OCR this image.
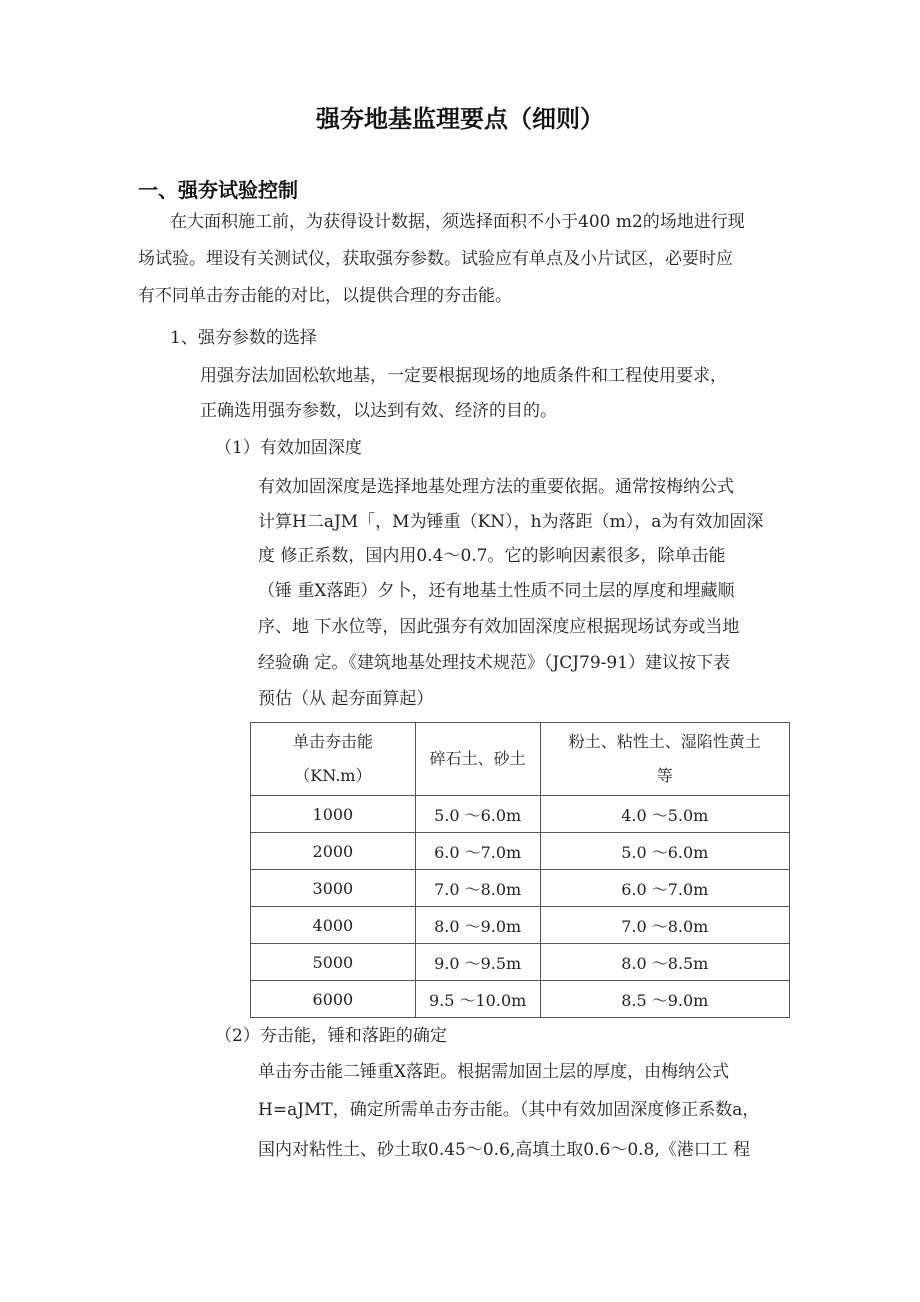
强夯地基监理要点（细则）
一、强夯试验控制
在大面积施工前，为获得设计数据，须选择面积不小于400 m2的场地进行现
场试验。埋设有关测试仪，获取强夯参数。试验应有单点及小片试区，必要时应
有不同单击夯击能的对比，以提供合理的夯击能。
1、强夯参数的选择
用强夯法加固松软地基，一定要根据现场的地质条件和工程使用要求，
正确选用强夯参数，以达到有效、经济的目的。
（1）有效加固深度
有效加固深度是选择地基处理方法的重要依据。通常按梅纳公式
计算H二aJM「，M为锤重（KN），h为落距（m），a为有效加固深
度 修正系数，国内用0.4～0.7。它的影响因素很多，除单击能
（锤 重X落距）夕卜，还有地基土性质不同土层的厚度和埋藏顺
序、地 下水位等，因此强夯有效加固深度应根据现场试夯或当地
经验确 定。《建筑地基处理技术规范》（JCJ79-91）建议按下表
预估（从 起夯面算起）
单击夯击能
（KN.m）	碎石土、砂土	粉土、粘性土、湿陷性黄土
等
1000	5.0 ～6.0m	4.0 ～5.0m
2000	6.0 ～7.0m	5.0 ～6.0m
3000	7.0 ～8.0m	6.0 ～7.0m
4000	8.0 ～9.0m	7.0 ～8.0m
5000	9.0 ～9.5m	8.0 ～8.5m
6000	9.5 ～10.0m	8.5 ～9.0m
（2）夯击能，锤和落距的确定
单击夯击能二锤重X落距。根据需加固土层的厚度，由梅纳公式
H=aJMT，确定所需单击夯击能。（其中有效加固深度修正系数a，
国内对粘性土、砂土取0.45～0.6,高填土取0.6～0.8,《港口工 程
